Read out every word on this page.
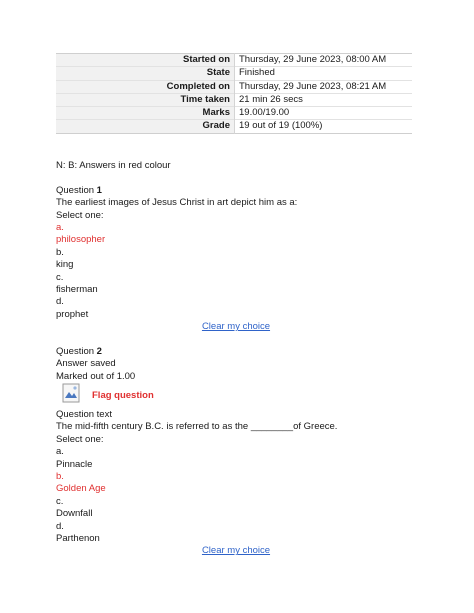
Started on	Thursday, 29 June 2023, 08:00 AM
State	Finished
Completed on	Thursday, 29 June 2023, 08:21 AM
Time taken	21 min 26 secs
Marks	19.00/19.00
Grade	19 out of 19 (100%)
N: B: Answers in red colour
Question 1
The earliest images of Jesus Christ in art depict him as a:
Select one:
a.
philosopher
b.
king
c.
fisherman
d.
prophet
Clear my choice
Question 2
Answer saved
Marked out of 1.00
Flag question
Question text
The mid-fifth century B.C. is referred to as the ________of Greece.
Select one:
a.
Pinnacle
b.
Golden Age
c.
Downfall
d.
Parthenon
Clear my choice
